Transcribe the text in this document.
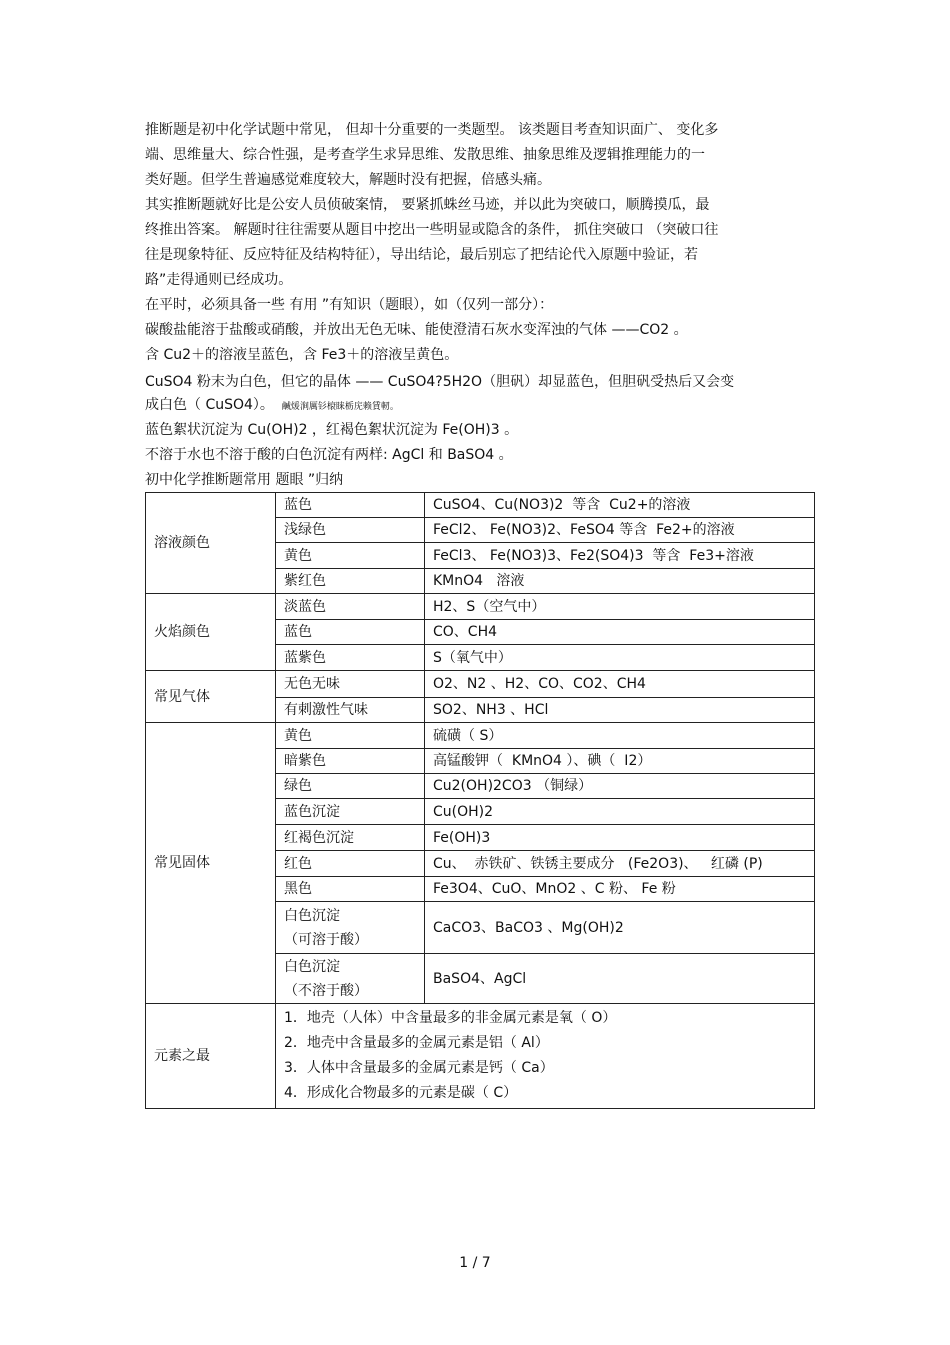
推断题是初中化学试题中常见， 但却十分重要的一类题型。 该类题目考查知识面广、 变化多
端、思维量大、综合性强，是考查学生求异思维、发散思维、抽象思维及逻辑推理能力的一
类好题。但学生普遍感觉难度较大，解题时没有把握，倍感头痛。
其实推断题就好比是公安人员侦破案情， 要紧抓蛛丝马迹，并以此为突破口，顺腾摸瓜，最
终推出答案。 解题时往往需要从题目中挖出一些明显或隐含的条件， 抓住突破口 （突破口往
往是现象特征、反应特征及结构特征），导出结论，最后别忘了把结论代入原题中验证，若
路”走得通则已经成功。
在平时，必须具备一些 有用 ”有知识（题眼），如（仅列一部分）：
碳酸盐能溶于盐酸或硝酸，并放出无色无味、能使澄清石灰水变浑浊的气体 ——CO2 。
含 Cu2＋的溶液呈蓝色，含 Fe3＋的溶液呈黄色。
CuSO4 粉末为白色，但它的晶体 —— CuSO4?5H2O（胆矾）却显蓝色，但胆矾受热后又会变
成白色（ CuSO4）。 鹹煖涧厲钐榱睐栃庑赖賃軔。
蓝色絮状沉淀为 Cu(OH)2 ，红褐色絮状沉淀为 Fe(OH)3 。
不溶于水也不溶于酸的白色沉淀有两样: AgCl 和 BaSO4 。
初中化学推断题常用 题眼 ”归纳
溶液颜色	蓝色	CuSO4、Cu(NO3)2  等含  Cu2+的溶液
	浅绿色	FeCl2、 Fe(NO3)2、FeSO4 等含  Fe2+的溶液
	黄色	FeCl3、 Fe(NO3)3、Fe2(SO4)3  等含  Fe3+溶液
	紫红色	KMnO4   溶液
火焰颜色	淡蓝色	H2、S（空气中）
	蓝色	CO、CH4
	蓝紫色	S（氧气中）
常见气体	无色无味	O2、N2 、H2、CO、CO2、CH4
	有刺激性气味	SO2、NH3 、HCl
常见固体	黄色	硫磺（ S）
	暗紫色	高锰酸钾（  KMnO4 ）、碘（  I2）
	绿色	Cu2(OH)2CO3 （铜绿）
	蓝色沉淀	Cu(OH)2
	红褐色沉淀	Fe(OH)3
	红色	Cu、  赤铁矿、铁锈主要成分   (Fe2O3)、   红磷 (P)
	黑色	Fe3O4、CuO、MnO2 、C 粉、 Fe 粉
	白色沉淀
（可溶于酸）	CaCO3、BaCO3 、Mg(OH)2
	白色沉淀
（不溶于酸）	BaSO4、AgCl
元素之最	1．地壳（人体）中含量最多的非金属元素是氧（ O）
2．地壳中含量最多的金属元素是铝（ Al）
3．人体中含量最多的金属元素是钙（ Ca）
4．形成化合物最多的元素是碳（ C）	
1 / 7
